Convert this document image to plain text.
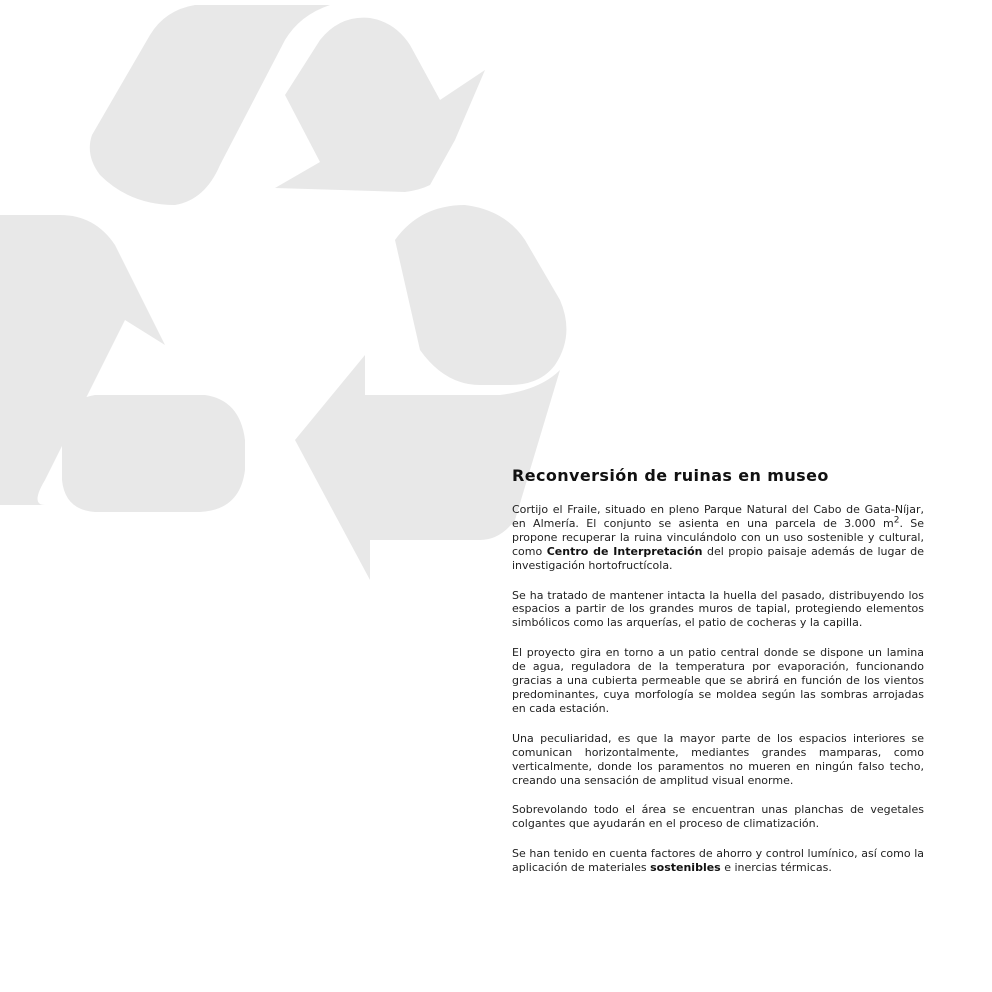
Reconversión de ruinas en museo

Cortijo el Fraile, situado en pleno Parque Natural del Cabo de Gata-Níjar, en Almería. El conjunto se asienta en una parcela de 3.000 $m^2$. Se propone recuperar la ruina vinculándolo con un uso sostenible y cultural, como Centro de Interpretación del propio paisaje además de lugar de investigación hortofructícola.

Se ha tratado de mantener intacta la huella del pasado, distribuyendo los espacios a partir de los grandes muros de tapial, protegiendo elementos simbólicos como las arquerías, el patio de cocheras y la capilla.

El proyecto gira en torno a un patio central donde se dispone un lamina de agua, reguladora de la temperatura por evaporación, funcionando gracias a una cubierta permeable que se abrirá en función de los vientos predominantes, cuya morfología se moldea según las sombras arrojadas en cada estación.

Una peculiaridad, es que la mayor parte de los espacios interiores se comunican horizontalmente, mediantes grandes mamparas, como verticalmente, donde los paramentos no mueren en ningún falso techo, creando una sensación de amplitud visual enorme.

Sobrevolando todo el área se encuentran unas planchas de vegetales colgantes que ayudarán en el proceso de climatización.

Se han tenido en cuenta factores de ahorro y control lumínico, así como la aplicación de materiales sostenibles e inercias térmicas.
